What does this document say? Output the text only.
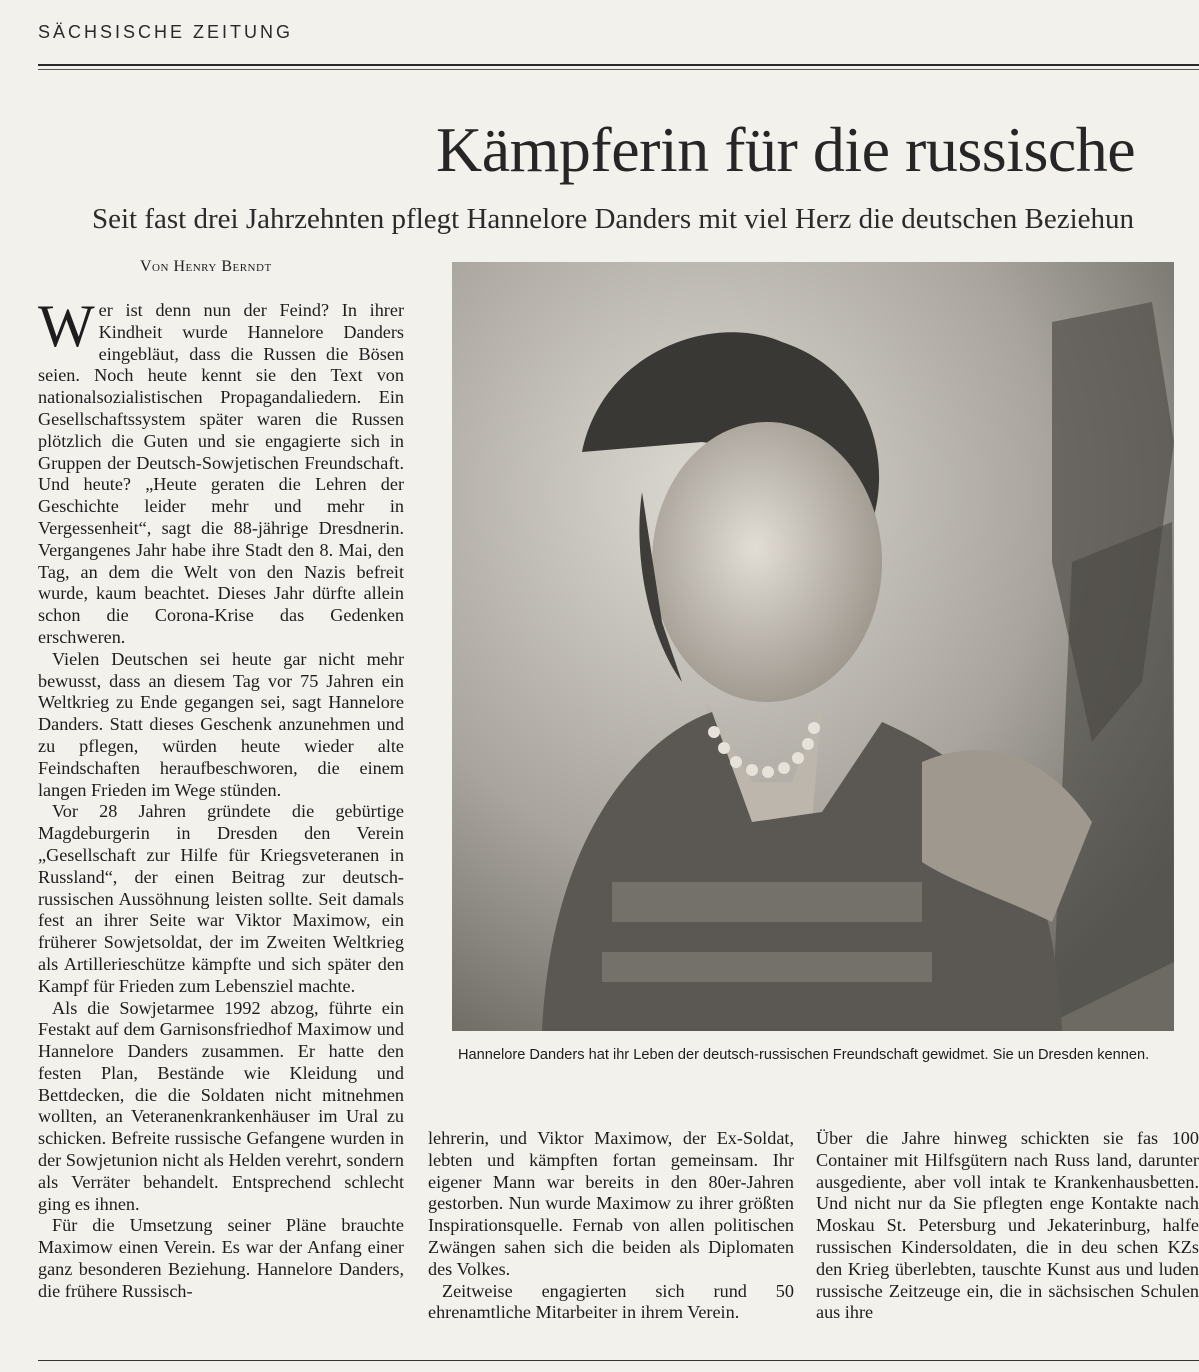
SÄCHSISCHE ZEITUNG
Kämpferin für die russische
Seit fast drei Jahrzehnten pflegt Hannelore Danders mit viel Herz die deutschen Beziehun
Von Henry Berndt

Wer ist denn nun der Feind? In ihrer Kindheit wurde Hannelore Danders eingebläut, dass die Russen die Bösen seien. Noch heute kennt sie den Text von nationalsozialistischen Propagandaliedern. Ein Gesellschaftssystem später waren die Russen plötzlich die Guten und sie engagierte sich in Gruppen der Deutsch-Sowjetischen Freundschaft. Und heute? „Heute geraten die Lehren der Geschichte leider mehr und mehr in Vergessenheit“, sagt die 88-jährige Dresdnerin. Vergangenes Jahr habe ihre Stadt den 8. Mai, den Tag, an dem die Welt von den Nazis befreit wurde, kaum beachtet. Dieses Jahr dürfte allein schon die Corona-Krise das Gedenken erschweren.

Vielen Deutschen sei heute gar nicht mehr bewusst, dass an diesem Tag vor 75 Jahren ein Weltkrieg zu Ende gegangen sei, sagt Hannelore Danders. Statt dieses Geschenk anzunehmen und zu pflegen, würden heute wieder alte Feindschaften heraufbeschworen, die einem langen Frieden im Wege stünden.

Vor 28 Jahren gründete die gebürtige Magdeburgerin in Dresden den Verein „Gesellschaft zur Hilfe für Kriegsveteranen in Russland“, der einen Beitrag zur deutsch-russischen Aussöhnung leisten sollte. Seit damals fest an ihrer Seite war Viktor Maximow, ein früherer Sowjetsoldat, der im Zweiten Weltkrieg als Artillerieschütze kämpfte und sich später den Kampf für Frieden zum Lebensziel machte.

Als die Sowjetarmee 1992 abzog, führte ein Festakt auf dem Garnisonsfriedhof Maximow und Hannelore Danders zusammen. Er hatte den festen Plan, Bestände wie Kleidung und Bettdecken, die die Soldaten nicht mitnehmen wollten, an Veteranenkrankenhäuser im Ural zu schicken. Befreite russische Gefangene wurden in der Sowjetunion nicht als Helden verehrt, sondern als Verräter behandelt. Entsprechend schlecht ging es ihnen.

Für die Umsetzung seiner Pläne brauchte Maximow einen Verein. Es war der Anfang einer ganz besonderen Beziehung. Hannelore Danders, die frühere Russisch-

Hannelore Danders hat ihr Leben der deutsch-russischen Freundschaft gewidmet. Sie un Dresden kennen.

lehrerin, und Viktor Maximow, der Ex-Soldat, lebten und kämpften fortan gemeinsam. Ihr eigener Mann war bereits in den 80er-Jahren gestorben. Nun wurde Maximow zu ihrer größten Inspirationsquelle. Fernab von allen politischen Zwängen sahen sich die beiden als Diplomaten des Volkes.

Zeitweise engagierten sich rund 50 ehrenamtliche Mitarbeiter in ihrem Verein.

Über die Jahre hinweg schickten sie fas 100 Container mit Hilfsgütern nach Russ land, darunter ausgediente, aber voll intak te Krankenhausbetten. Und nicht nur da Sie pflegten enge Kontakte nach Moskau St. Petersburg und Jekaterinburg, halfe russischen Kindersoldaten, die in deu schen KZs den Krieg überlebten, tauschte Kunst aus und luden russische Zeitzeuge ein, die in sächsischen Schulen aus ihre
